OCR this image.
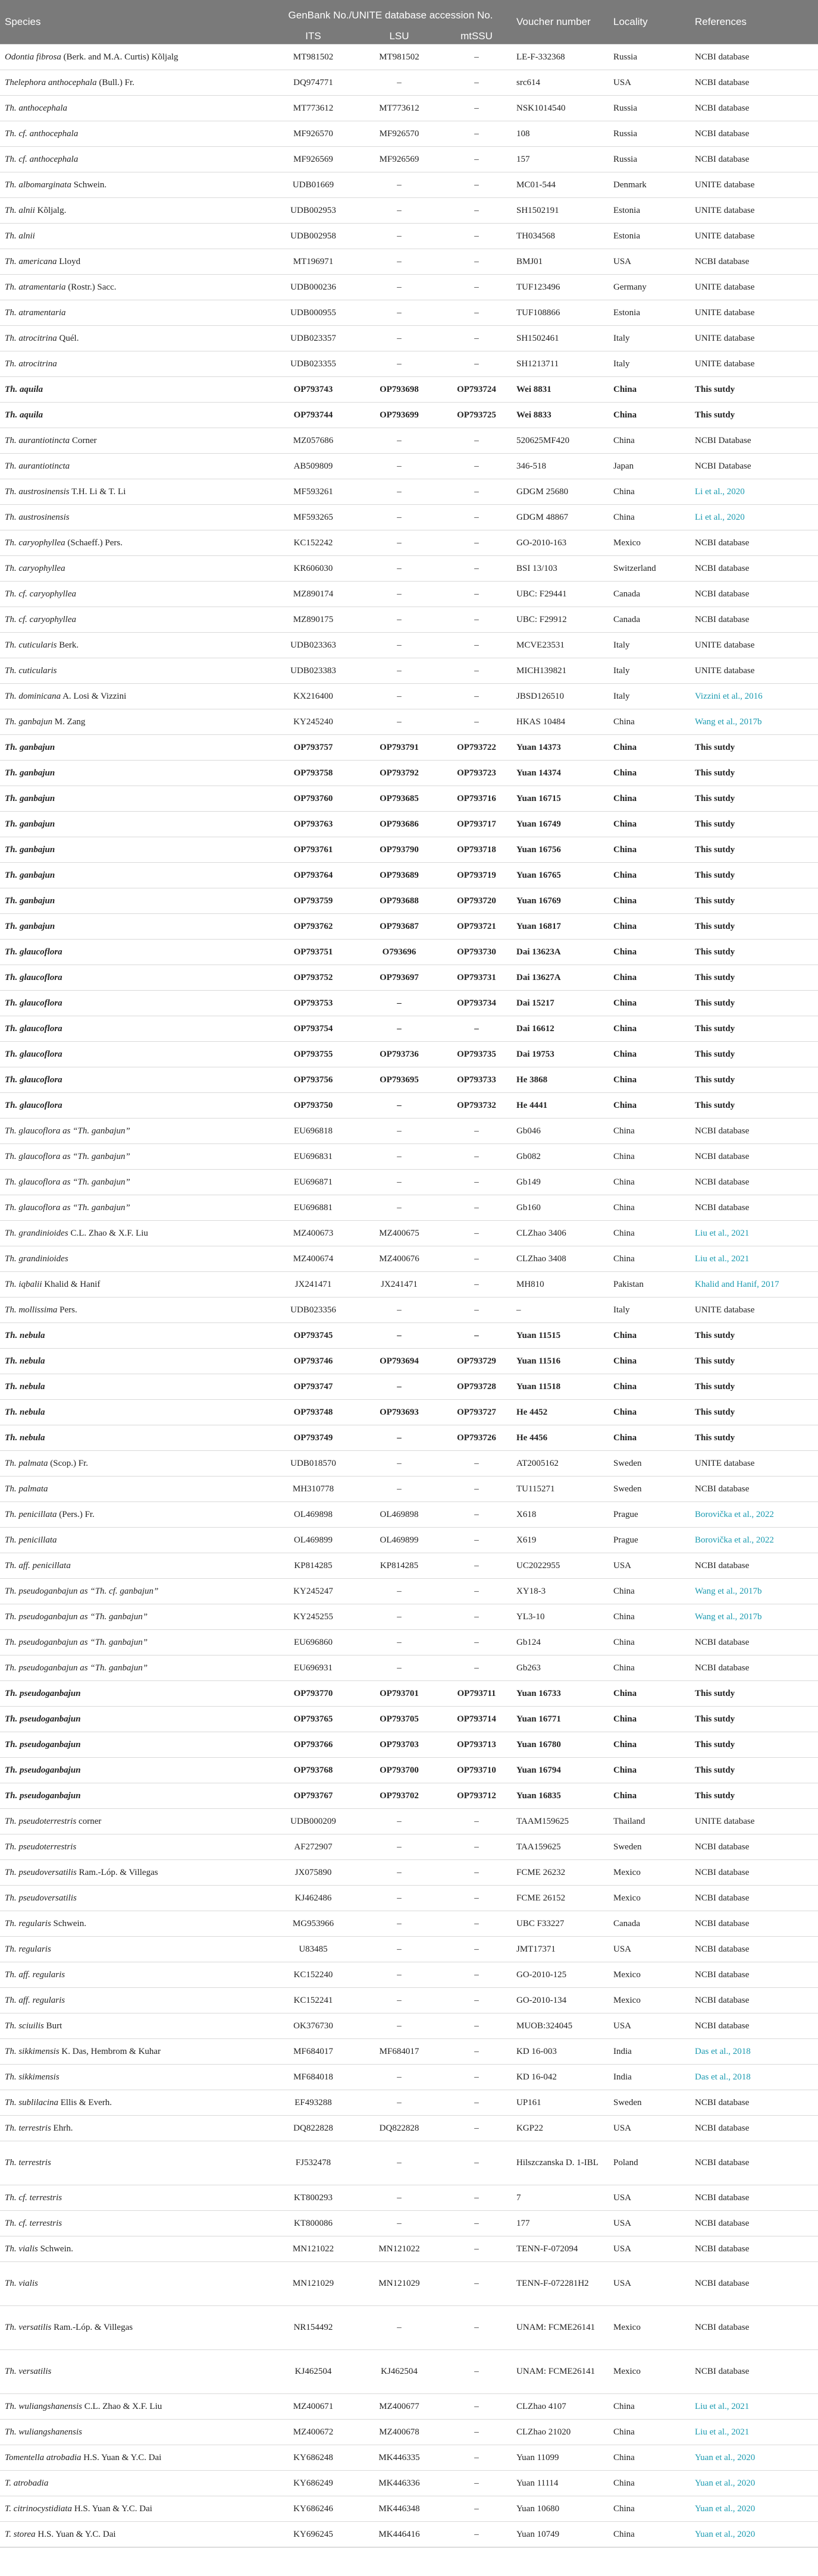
Species	GenBank No./UNITE database accession No.			Voucher number	Locality	References
	ITS	LSU	mtSSU			
Odontia fibrosa (Berk. and M.A. Curtis) Kõljalg	MT981502	MT981502	–	LE-F-332368	Russia	NCBI database
Thelephora anthocephala (Bull.) Fr.	DQ974771	–	–	src614	USA	NCBI database
Th. anthocephala	MT773612	MT773612	–	NSK1014540	Russia	NCBI database
Th. cf. anthocephala	MF926570	MF926570	–	108	Russia	NCBI database
Th. cf. anthocephala	MF926569	MF926569	–	157	Russia	NCBI database
Th. albomarginata Schwein.	UDB01669	–	–	MC01-544	Denmark	UNITE database
Th. alnii Kõljalg.	UDB002953	–	–	SH1502191	Estonia	UNITE database
Th. alnii	UDB002958	–	–	TH034568	Estonia	UNITE database
Th. americana Lloyd	MT196971	–	–	BMJ01	USA	NCBI database
Th. atramentaria (Rostr.) Sacc.	UDB000236	–	–	TUF123496	Germany	UNITE database
Th. atramentaria	UDB000955	–	–	TUF108866	Estonia	UNITE database
Th. atrocitrina Quél.	UDB023357	–	–	SH1502461	Italy	UNITE database
Th. atrocitrina	UDB023355	–	–	SH1213711	Italy	UNITE database
Th. aquila	OP793743	OP793698	OP793724	Wei 8831	China	This sutdy
Th. aquila	OP793744	OP793699	OP793725	Wei 8833	China	This sutdy
Th. aurantiotincta Corner	MZ057686	–	–	520625MF420	China	NCBI Database
Th. aurantiotincta	AB509809	–	–	346-518	Japan	NCBI Database
Th. austrosinensis T.H. Li & T. Li	MF593261	–	–	GDGM 25680	China	Li et al., 2020
Th. austrosinensis	MF593265	–	–	GDGM 48867	China	Li et al., 2020
Th. caryophyllea (Schaeff.) Pers.	KC152242	–	–	GO-2010-163	Mexico	NCBI database
Th. caryophyllea	KR606030	–	–	BSI 13/103	Switzerland	NCBI database
Th. cf. caryophyllea	MZ890174	–	–	UBC: F29441	Canada	NCBI database
Th. cf. caryophyllea	MZ890175	–	–	UBC: F29912	Canada	NCBI database
Th. cuticularis Berk.	UDB023363	–	–	MCVE23531	Italy	UNITE database
Th. cuticularis	UDB023383	–	–	MICH139821	Italy	UNITE database
Th. dominicana A. Losi & Vizzini	KX216400	–	–	JBSD126510	Italy	Vizzini et al., 2016
Th. ganbajun M. Zang	KY245240	–	–	HKAS 10484	China	Wang et al., 2017b
Th. ganbajun	OP793757	OP793791	OP793722	Yuan 14373	China	This sutdy
Th. ganbajun	OP793758	OP793792	OP793723	Yuan 14374	China	This sutdy
Th. ganbajun	OP793760	OP793685	OP793716	Yuan 16715	China	This sutdy
Th. ganbajun	OP793763	OP793686	OP793717	Yuan 16749	China	This sutdy
Th. ganbajun	OP793761	OP793790	OP793718	Yuan 16756	China	This sutdy
Th. ganbajun	OP793764	OP793689	OP793719	Yuan 16765	China	This sutdy
Th. ganbajun	OP793759	OP793688	OP793720	Yuan 16769	China	This sutdy
Th. ganbajun	OP793762	OP793687	OP793721	Yuan 16817	China	This sutdy
Th. glaucoflora	OP793751	O793696	OP793730	Dai 13623A	China	This sutdy
Th. glaucoflora	OP793752	OP793697	OP793731	Dai 13627A	China	This sutdy
Th. glaucoflora	OP793753	–	OP793734	Dai 15217	China	This sutdy
Th. glaucoflora	OP793754	–	–	Dai 16612	China	This sutdy
Th. glaucoflora	OP793755	OP793736	OP793735	Dai 19753	China	This sutdy
Th. glaucoflora	OP793756	OP793695	OP793733	He 3868	China	This sutdy
Th. glaucoflora	OP793750	–	OP793732	He 4441	China	This sutdy
Th. glaucoflora as “Th. ganbajun”	EU696818	–	–	Gb046	China	NCBI database
Th. glaucoflora as “Th. ganbajun”	EU696831	–	–	Gb082	China	NCBI database
Th. glaucoflora as “Th. ganbajun”	EU696871	–	–	Gb149	China	NCBI database
Th. glaucoflora as “Th. ganbajun”	EU696881	–	–	Gb160	China	NCBI database
Th. grandinioides C.L. Zhao & X.F. Liu	MZ400673	MZ400675	–	CLZhao 3406	China	Liu et al., 2021
Th. grandinioides	MZ400674	MZ400676	–	CLZhao 3408	China	Liu et al., 2021
Th. iqbalii Khalid & Hanif	JX241471	JX241471	–	MH810	Pakistan	Khalid and Hanif, 2017
Th. mollissima Pers.	UDB023356	–	–	–	Italy	UNITE database
Th. nebula	OP793745	–	–	Yuan 11515	China	This sutdy
Th. nebula	OP793746	OP793694	OP793729	Yuan 11516	China	This sutdy
Th. nebula	OP793747	–	OP793728	Yuan 11518	China	This sutdy
Th. nebula	OP793748	OP793693	OP793727	He 4452	China	This sutdy
Th. nebula	OP793749	–	OP793726	He 4456	China	This sutdy
Th. palmata (Scop.) Fr.	UDB018570	–	–	AT2005162	Sweden	UNITE database
Th. palmata	MH310778	–	–	TU115271	Sweden	NCBI database
Th. penicillata (Pers.) Fr.	OL469898	OL469898	–	X618	Prague	Borovička et al., 2022
Th. penicillata	OL469899	OL469899	–	X619	Prague	Borovička et al., 2022
Th. aff. penicillata	KP814285	KP814285	–	UC2022955	USA	NCBI database
Th. pseudoganbajun as “Th. cf. ganbajun”	KY245247	–	–	XY18-3	China	Wang et al., 2017b
Th. pseudoganbajun as “Th. ganbajun”	KY245255	–	–	YL3-10	China	Wang et al., 2017b
Th. pseudoganbajun as “Th. ganbajun”	EU696860	–	–	Gb124	China	NCBI database
Th. pseudoganbajun as “Th. ganbajun”	EU696931	–	–	Gb263	China	NCBI database
Th. pseudoganbajun	OP793770	OP793701	OP793711	Yuan 16733	China	This sutdy
Th. pseudoganbajun	OP793765	OP793705	OP793714	Yuan 16771	China	This sutdy
Th. pseudoganbajun	OP793766	OP793703	OP793713	Yuan 16780	China	This sutdy
Th. pseudoganbajun	OP793768	OP793700	OP793710	Yuan 16794	China	This sutdy
Th. pseudoganbajun	OP793767	OP793702	OP793712	Yuan 16835	China	This sutdy
Th. pseudoterrestris corner	UDB000209	–	–	TAAM159625	Thailand	UNITE database
Th. pseudoterrestris	AF272907	–	–	TAA159625	Sweden	NCBI database
Th. pseudoversatilis Ram.-Lóp. & Villegas	JX075890	–	–	FCME 26232	Mexico	NCBI database
Th. pseudoversatilis	KJ462486	–	–	FCME 26152	Mexico	NCBI database
Th. regularis Schwein.	MG953966	–	–	UBC F33227	Canada	NCBI database
Th. regularis	U83485	–	–	JMT17371	USA	NCBI database
Th. aff. regularis	KC152240	–	–	GO-2010-125	Mexico	NCBI database
Th. aff. regularis	KC152241	–	–	GO-2010-134	Mexico	NCBI database
Th. sciuilis Burt	OK376730	–	–	MUOB:324045	USA	NCBI database
Th. sikkimensis K. Das, Hembrom & Kuhar	MF684017	MF684017	–	KD 16-003	India	Das et al., 2018
Th. sikkimensis	MF684018	–	–	KD 16-042	India	Das et al., 2018
Th. sublilacina Ellis & Everh.	EF493288	–	–	UP161	Sweden	NCBI database
Th. terrestris Ehrh.	DQ822828	DQ822828	–	KGP22	USA	NCBI database
Th. terrestris	FJ532478	–	–	Hilszczanska D. 1-IBL	Poland	NCBI database
Th. cf. terrestris	KT800293	–	–	7	USA	NCBI database
Th. cf. terrestris	KT800086	–	–	177	USA	NCBI database
Th. vialis Schwein.	MN121022	MN121022	–	TENN-F-072094	USA	NCBI database
Th. vialis	MN121029	MN121029	–	TENN-F-072281H2	USA	NCBI database
Th. versatilis Ram.-Lóp. & Villegas	NR154492	–	–	UNAM: FCME26141	Mexico	NCBI database
Th. versatilis	KJ462504	KJ462504	–	UNAM: FCME26141	Mexico	NCBI database
Th. wuliangshanensis C.L. Zhao & X.F. Liu	MZ400671	MZ400677	–	CLZhao 4107	China	Liu et al., 2021
Th. wuliangshanensis	MZ400672	MZ400678	–	CLZhao 21020	China	Liu et al., 2021
Tomentella atrobadia H.S. Yuan & Y.C. Dai	KY686248	MK446335	–	Yuan 11099	China	Yuan et al., 2020
T. atrobadia	KY686249	MK446336	–	Yuan 11114	China	Yuan et al., 2020
T. citrinocystidiata H.S. Yuan & Y.C. Dai	KY686246	MK446348	–	Yuan 10680	China	Yuan et al., 2020
T. storea H.S. Yuan & Y.C. Dai	KY696245	MK446416	–	Yuan 10749	China	Yuan et al., 2020
